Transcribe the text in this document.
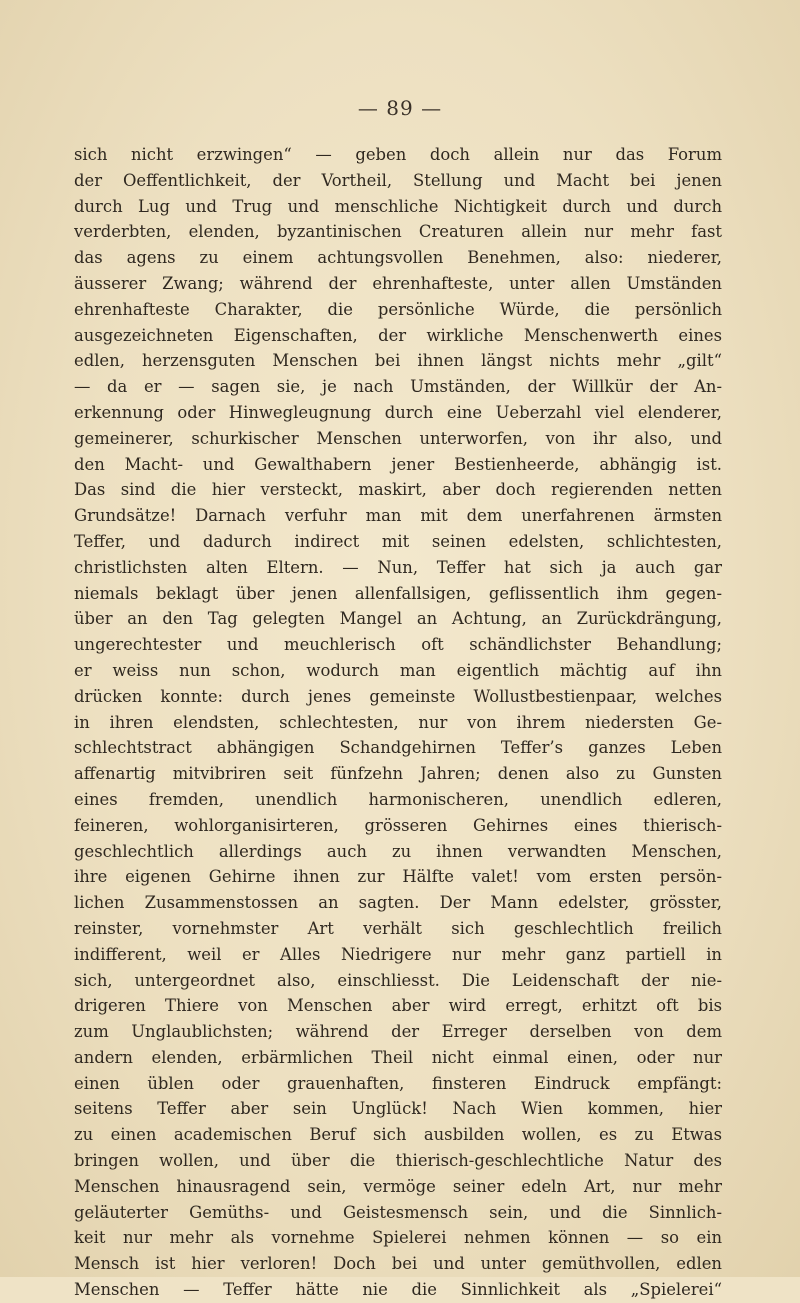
— 89 —
sich nicht erzwingen“ — geben doch allein nur das Forum
der Oeffentlichkeit, der Vortheil, Stellung und Macht bei jenen
durch Lug und Trug und menschliche Nichtigkeit durch und durch
verderbten, elenden, byzantinischen Creaturen allein nur mehr fast
das agens zu einem achtungsvollen Benehmen, also: niederer,
äusserer Zwang; während der ehrenhafteste, unter allen Umständen
ehrenhafteste Charakter, die persönliche Würde, die persönlich
ausgezeichneten Eigenschaften, der wirkliche Menschenwerth eines
edlen, herzensguten Menschen bei ihnen längst nichts mehr „gilt“
— da er — sagen sie, je nach Umständen, der Willkür der An-
erkennung oder Hinwegleugnung durch eine Ueberzahl viel elenderer,
gemeinerer, schurkischer Menschen unterworfen, von ihr also, und
den Macht- und Gewalthabern jener Bestienheerde, abhängig ist.
Das sind die hier versteckt, maskirt, aber doch regierenden netten
Grundsätze! Darnach verfuhr man mit dem unerfahrenen ärmsten
Teffer, und dadurch indirect mit seinen edelsten, schlichtesten,
christlichsten alten Eltern. — Nun, Teffer hat sich ja auch gar
niemals beklagt über jenen allenfallsigen, geflissentlich ihm gegen-
über an den Tag gelegten Mangel an Achtung, an Zurückdrängung,
ungerechtester und meuchlerisch oft schändlichster Behandlung;
er weiss nun schon, wodurch man eigentlich mächtig auf ihn
drücken konnte: durch jenes gemeinste Wollustbestienpaar, welches
in ihren elendsten, schlechtesten, nur von ihrem niedersten Ge-
schlechtstract abhängigen Schandgehirnen Teffer’s ganzes Leben
affenartig mitvibriren seit fünfzehn Jahren; denen also zu Gunsten
eines fremden, unendlich harmonischeren, unendlich edleren,
feineren, wohlorganisirteren, grösseren Gehirnes eines thierisch-
geschlechtlich allerdings auch zu ihnen verwandten Menschen,
ihre eigenen Gehirne ihnen zur Hälfte valet! vom ersten persön-
lichen Zusammenstossen an sagten. Der Mann edelster, grösster,
reinster, vornehmster Art verhält sich geschlechtlich freilich
indifferent, weil er Alles Niedrigere nur mehr ganz partiell in
sich, untergeordnet also, einschliesst. Die Leidenschaft der nie-
drigeren Thiere von Menschen aber wird erregt, erhitzt oft bis
zum Unglaublichsten; während der Erreger derselben von dem
andern elenden, erbärmlichen Theil nicht einmal einen, oder nur
einen üblen oder grauenhaften, finsteren Eindruck empfängt:
seitens Teffer aber sein Unglück! Nach Wien kommen, hier
zu einen academischen Beruf sich ausbilden wollen, es zu Etwas
bringen wollen, und über die thierisch-geschlechtliche Natur des
Menschen hinausragend sein, vermöge seiner edeln Art, nur mehr
geläuterter Gemüths- und Geistesmensch sein, und die Sinnlich-
keit nur mehr als vornehme Spielerei nehmen können — so ein
Mensch ist hier verloren! Doch bei und unter gemüthvollen, edlen
Menschen — Teffer hätte nie die Sinnlichkeit als „Spielerei“
